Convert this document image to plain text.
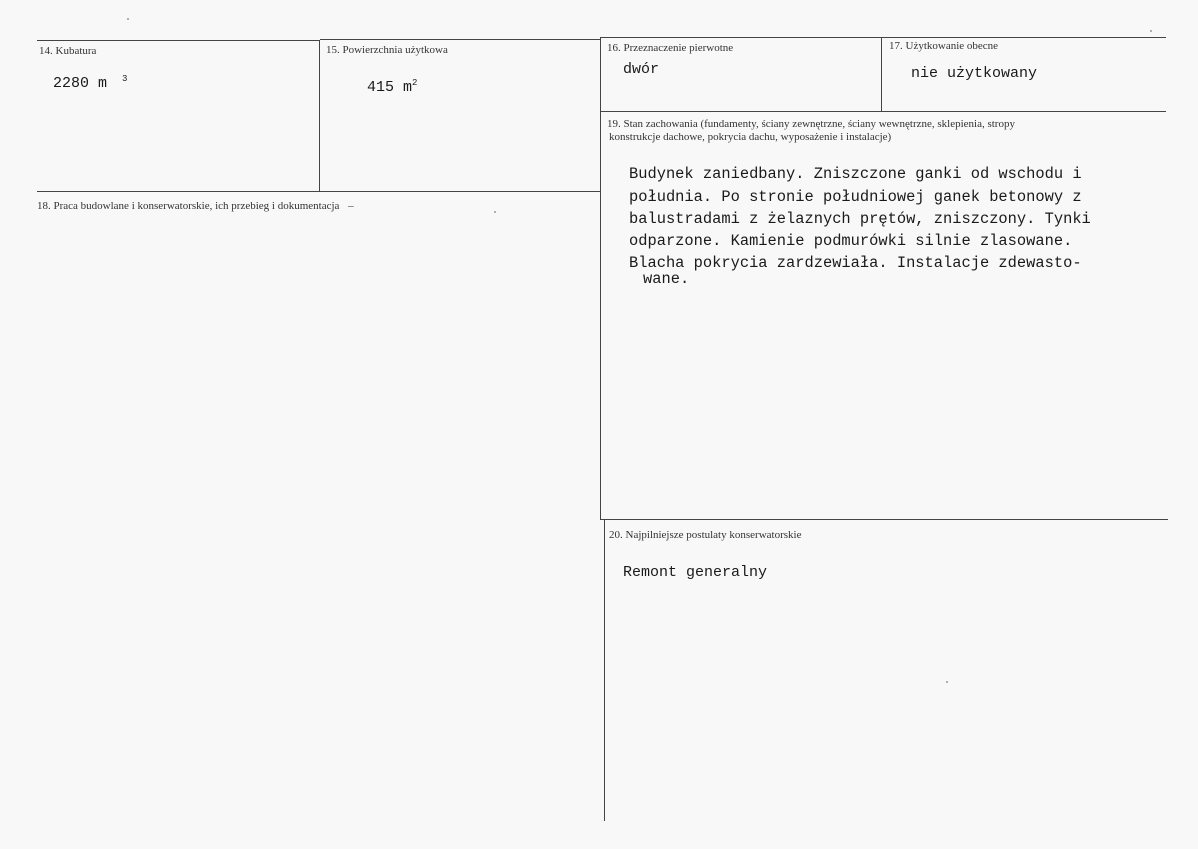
14. Kubatura
2280 m $^3$
15. Powierzchnia użytkowa
415 $m^2$
16. Przeznaczenie pierwotne
dwór
17. Użytkowanie obecne
nie użytkowany
18. Praca budowlane i konserwatorskie, ich przebieg i dokumentacja –
19. Stan zachowania (fundamenty, ściany zewnętrzne, ściany wewnętrzne, sklepienia, stropy
konstrukcje dachowe, pokrycia dachu, wyposażenie i instalacje)
Budynek zaniedbany. Zniszczone ganki od wschodu i
południa. Po stronie południowej ganek betonowy z
balustradami z żelaznych prętów, zniszczony. Tynki
odparzone. Kamienie podmurówki silnie zlasowane.
Blacha pokrycia zardzewiała. Instalacje zdewasto-
wane.
20. Najpilniejsze postulaty konserwatorskie
Remont generalny
